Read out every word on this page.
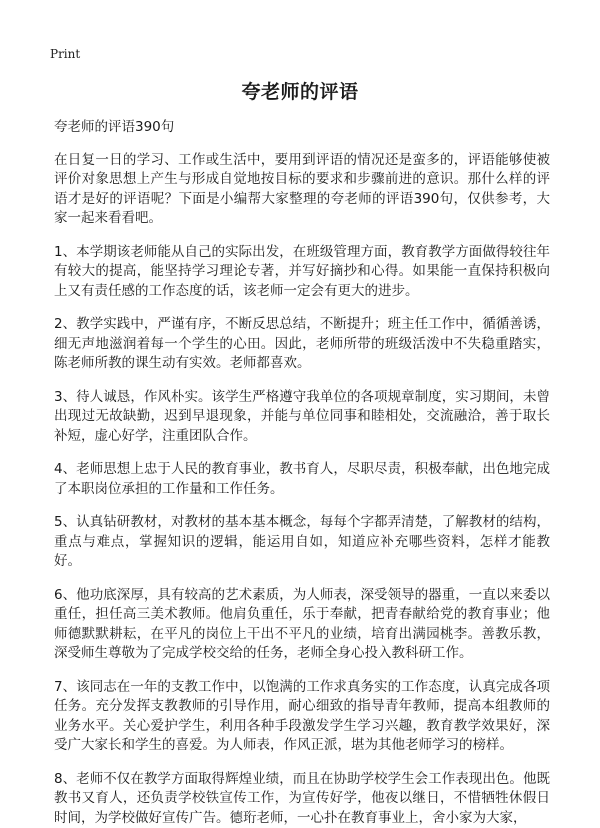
Print
夸老师的评语

夸老师的评语390句

在日复一日的学习、工作或生活中，要用到评语的情况还是蛮多的，评语能够使被评价对象思想上产生与形成自觉地按目标的要求和步骤前进的意识。那什么样的评语才是好的评语呢？下面是小编帮大家整理的夸老师的评语390句，仅供参考，大家一起来看看吧。

1、本学期该老师能从自己的实际出发，在班级管理方面，教育教学方面做得较往年有较大的提高，能坚持学习理论专著，并写好摘抄和心得。如果能一直保持积极向上又有责任感的工作态度的话，该老师一定会有更大的进步。

2、教学实践中，严谨有序，不断反思总结，不断提升；班主任工作中，循循善诱，细无声地滋润着每一个学生的心田。因此，老师所带的班级活泼中不失稳重踏实，陈老师所教的课生动有实效。老师都喜欢。

3、待人诚恳，作风朴实。该学生严格遵守我单位的各项规章制度，实习期间，未曾出现过无故缺勤，迟到早退现象，并能与单位同事和睦相处，交流融洽，善于取长补短，虚心好学，注重团队合作。

4、老师思想上忠于人民的教育事业，教书育人，尽职尽责，积极奉献，出色地完成了本职岗位承担的工作量和工作任务。

5、认真钻研教材，对教材的基本基本概念，每每个字都弄清楚，了解教材的结构，重点与难点，掌握知识的逻辑，能运用自如，知道应补充哪些资料，怎样才能教好。

6、他功底深厚，具有较高的艺术素质，为人师表，深受领导的器重，一直以来委以重任，担任高三美术教师。他肩负重任，乐于奉献，把青春献给党的教育事业；他师德默默耕耘，在平凡的岗位上干出不平凡的业绩，培育出满园桃李。善教乐教，深受师生尊敬为了完成学校交给的任务，老师全身心投入教科研工作。

7、该同志在一年的支教工作中，以饱满的工作求真务实的工作态度，认真完成各项任务。充分发挥支教教师的引导作用，耐心细致的指导青年教师，提高本组教师的业务水平。关心爱护学生，利用各种手段激发学生学习兴趣，教育教学效果好，深受广大家长和学生的喜爱。为人师表，作风正派，堪为其他老师学习的榜样。

8、老师不仅在教学方面取得辉煌业绩，而且在协助学校学生会工作表现出色。他既教书又育人，还负责学校铁宣传工作，为宣传好学，他夜以继日，不惜牺牲休假日时间，为学校做好宣传广告。德珩老师，一心扑在教育事业上，舍小家为大家，
